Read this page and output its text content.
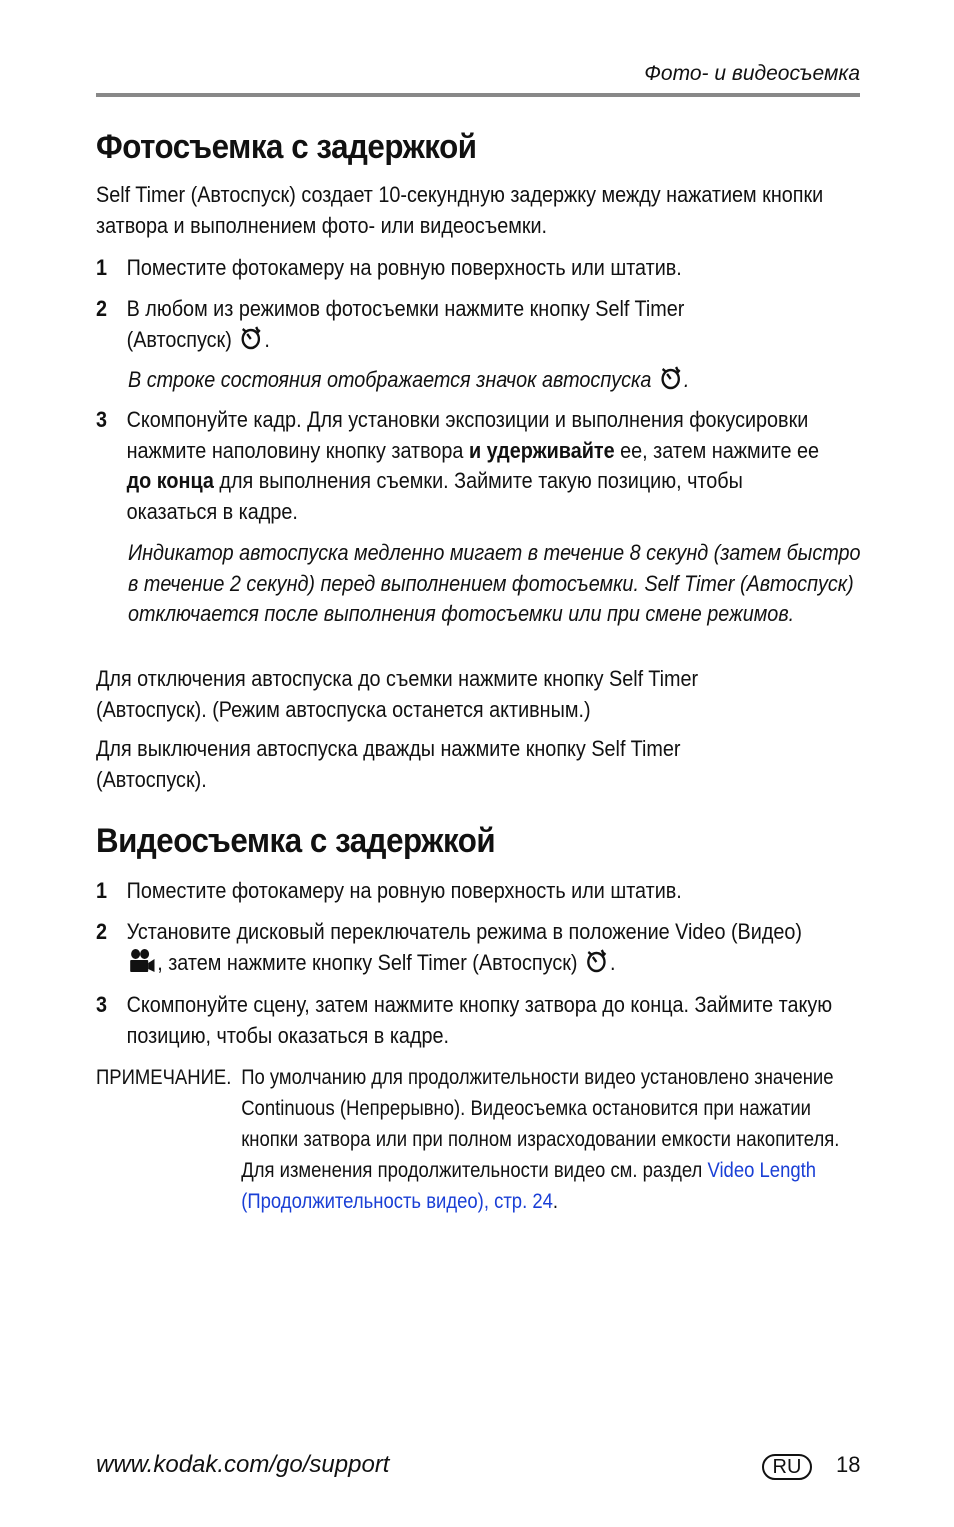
Фото- и видеосъемка
Фотосъемка с задержкой

Self Timer (Автоспуск) создает 10-секундную задержку между нажатием кнопки затвора и выполнением фото- или видеосъемки.

1 Поместите фотокамеру на ровную поверхность или штатив.
2 В любом из режимов фотосъемки нажмите кнопку Self Timer
(Автоспуск) .
В строке состояния отображается значок автоспуска .
3 Скомпонуйте кадр. Для установки экспозиции и выполнения фокусировки нажмите наполовину кнопку затвора и удерживайте ее, затем нажмите ее до конца для выполнения съемки. Займите такую позицию, чтобы оказаться в кадре.
Индикатор автоспуска медленно мигает в течение 8 секунд (затем быстро в течение 2 секунд) перед выполнением фотосъемки. Self Timer (Автоспуск) отключается после выполнения фотосъемки или при смене режимов.

Для отключения автоспуска до съемки нажмите кнопку Self Timer (Автоспуск). (Режим автоспуска останется активным.)

Для выключения автоспуска дважды нажмите кнопку Self Timer (Автоспуск).

Видеосъемка с задержкой
1 Поместите фотокамеру на ровную поверхность или штатив.
2 Установите дисковый переключатель режима в положение Video (Видео) , затем нажмите кнопку Self Timer (Автоспуск) .
3 Скомпонуйте сцену, затем нажмите кнопку затвора до конца. Займите такую позицию, чтобы оказаться в кадре.
ПРИМЕЧАНИЕ. По умолчанию для продолжительности видео установлено значение Continuous (Непрерывно). Видеосъемка остановится при нажатии кнопки затвора или при полном израсходовании емкости накопителя. Для изменения продолжительности видео см. раздел Video Length (Продолжительность видео), стр. 24.
www.kodak.com/go/support	RU	18
